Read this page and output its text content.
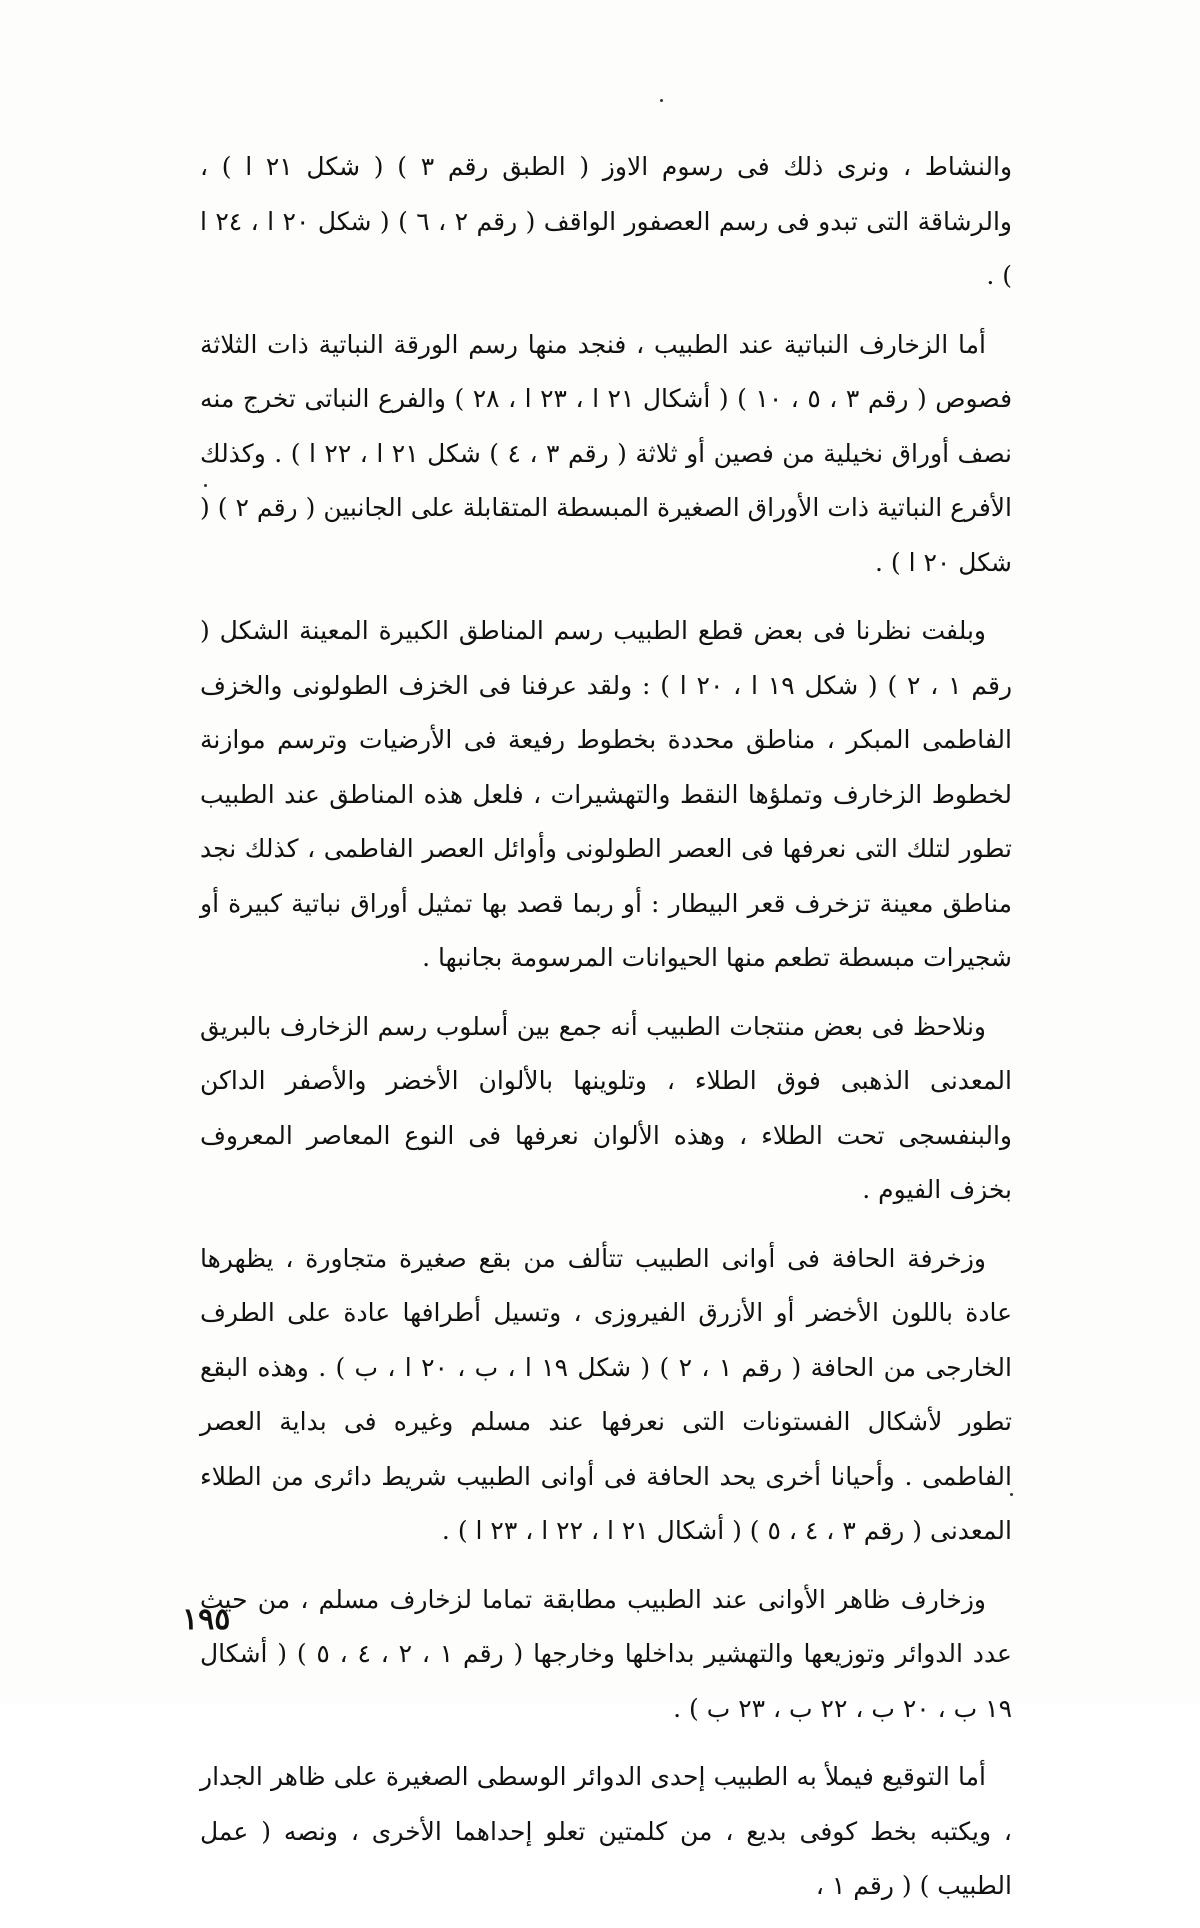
والنشاط ، ونرى ذلك فى رسوم الاوز ( الطبق رقم ٣ ) ( شكل ٢١ ا ) ، والرشاقة التى تبدو فى رسم العصفور الواقف ( رقم ٢ ، ٦ ) ( شكل ٢٠ ا ، ٢٤ ا ) .

أما الزخارف النباتية عند الطبيب ، فنجد منها رسم الورقة النباتية ذات الثلاثة فصوص ( رقم ٣ ، ٥ ، ١٠ ) ( أشكال ٢١ ا ، ٢٣ ا ، ٢٨ ) والفرع النباتى تخرج منه نصف أوراق نخيلية من فصين أو ثلاثة ( رقم ٣ ، ٤ ) شكل ٢١ ا ، ٢٢ ا ) . وكذلك الأفرع النباتية ذات الأوراق الصغيرة المبسطة المتقابلة على الجانبين ( رقم ٢ ) ( شكل ٢٠ ا ) .

وبلفت نظرنا فى بعض قطع الطبيب رسم المناطق الكبيرة المعينة الشكل ( رقم ١ ، ٢ ) ( شكل ١٩ ا ، ٢٠ ا ) : ولقد عرفنا فى الخزف الطولونى والخزف الفاطمى المبكر ، مناطق محددة بخطوط رفيعة فى الأرضيات وترسم موازنة لخطوط الزخارف وتملؤها النقط والتهشيرات ، فلعل هذه المناطق عند الطبيب تطور لتلك التى نعرفها فى العصر الطولونى وأوائل العصر الفاطمى ، كذلك نجد مناطق معينة تزخرف قعر البيطار : أو ربما قصد بها تمثيل أوراق نباتية كبيرة أو شجيرات مبسطة تطعم منها الحيوانات المرسومة بجانبها .

ونلاحظ فى بعض منتجات الطبيب أنه جمع بين أسلوب رسم الزخارف بالبريق المعدنى الذهبى فوق الطلاء ، وتلوينها بالألوان الأخضر والأصفر الداكن والبنفسجى تحت الطلاء ، وهذه الألوان نعرفها فى النوع المعاصر المعروف بخزف الفيوم .

وزخرفة الحافة فى أوانى الطبيب تتألف من بقع صغيرة متجاورة ، يظهرها عادة باللون الأخضر أو الأزرق الفيروزى ، وتسيل أطرافها عادة على الطرف الخارجى من الحافة ( رقم ١ ، ٢ ) ( شكل ١٩ ا ، ب ، ٢٠ ا ، ب ) . وهذه البقع تطور لأشكال الفستونات التى نعرفها عند مسلم وغيره فى بداية العصر الفاطمى . وأحيانا أخرى يحد الحافة فى أوانى الطبيب شريط دائرى من الطلاء المعدنى ( رقم ٣ ، ٤ ، ٥ ) ( أشكال ٢١ ا ، ٢٢ ا ، ٢٣ ا ) .

وزخارف ظاهر الأوانى عند الطبيب مطابقة تماما لزخارف مسلم ، من حيث عدد الدوائر وتوزيعها والتهشير بداخلها وخارجها ( رقم ١ ، ٢ ، ٤ ، ٥ ) ( أشكال ١٩ ب ، ٢٠ ب ، ٢٢ ب ، ٢٣ ب ) .

أما التوقيع فيملأ به الطبيب إحدى الدوائر الوسطى الصغيرة على ظاهر الجدار ، ويكتبه بخط كوفى بديع ، من كلمتين تعلو إحداهما الأخرى ، ونصه ( عمل الطبيب ) ( رقم ١ ،

١٩٥
